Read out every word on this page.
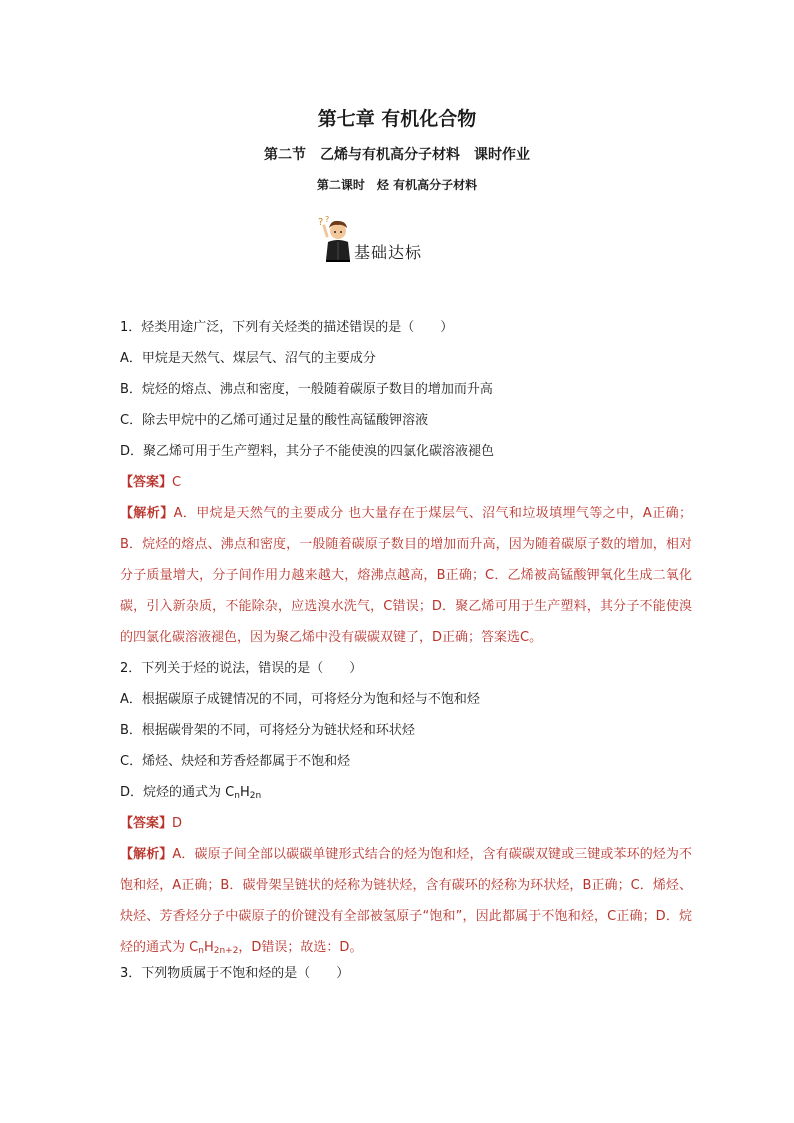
第七章 有机化合物
第二节　乙烯与有机高分子材料　课时作业
第二课时　烃 有机高分子材料
? ?
基础达标
1．烃类用途广泛，下列有关烃类的描述错误的是（　　）
A．甲烷是天然气、煤层气、沼气的主要成分
B．烷烃的熔点、沸点和密度，一般随着碳原子数目的增加而升高
C．除去甲烷中的乙烯可通过足量的酸性高锰酸钾溶液
D．聚乙烯可用于生产塑料，其分子不能使溴的四氯化碳溶液褪色
【答案】C

【解析】A．甲烷是天然气的主要成分 也大量存在于煤层气、沼气和垃圾填埋气等之中，A正确；B．烷烃的熔点、沸点和密度，一般随着碳原子数目的增加而升高，因为随着碳原子数的增加，相对分子质量增大，分子间作用力越来越大，熔沸点越高，B正确；C．乙烯被高锰酸钾氧化生成二氧化碳，引入新杂质，不能除杂，应选溴水洗气，C错误；D．聚乙烯可用于生产塑料，其分子不能使溴的四氯化碳溶液褪色，因为聚乙烯中没有碳碳双键了，D正确；答案选C。

2．下列关于烃的说法，错误的是（　　）
A．根据碳原子成键情况的不同，可将烃分为饱和烃与不饱和烃
B．根据碳骨架的不同，可将烃分为链状烃和环状烃
C．烯烃、炔烃和芳香烃都属于不饱和烃
D．烷烃的通式为 $C_nH_{2n}$
【答案】D

【解析】A．碳原子间全部以碳碳单键形式结合的烃为饱和烃，含有碳碳双键或三键或苯环的烃为不饱和烃，A正确；B．碳骨架呈链状的烃称为链状烃，含有碳环的烃称为环状烃，B正确；C．烯烃、炔烃、芳香烃分子中碳原子的价键没有全部被氢原子“饱和”，因此都属于不饱和烃，C正确；D．烷烃的通式为 $C_nH_{2n+2}$，D错误；故选：D。

3．下列物质属于不饱和烃的是（　　）
